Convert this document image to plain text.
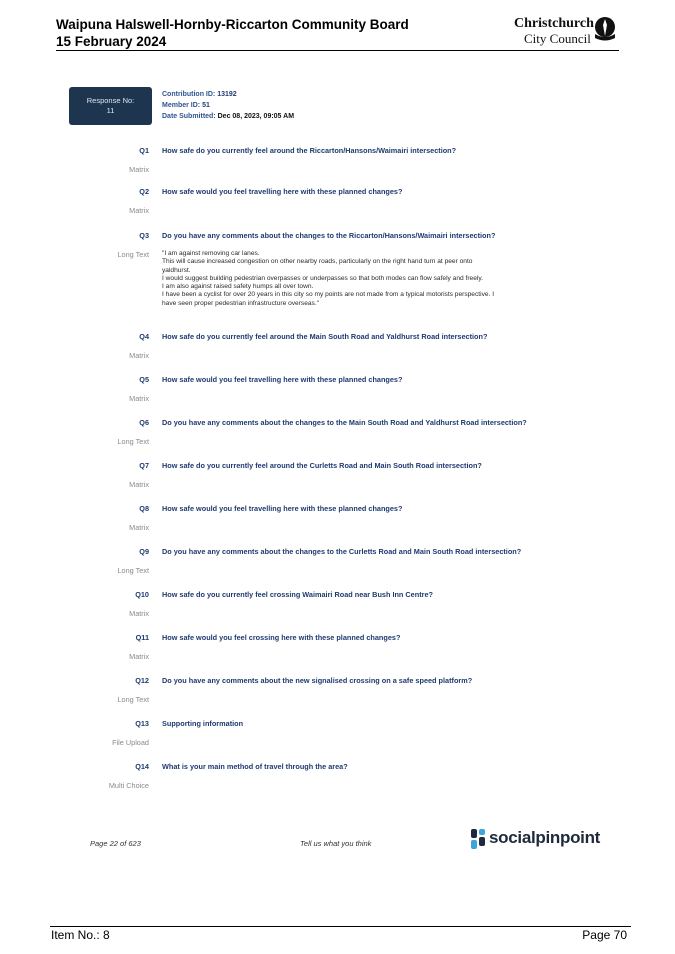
Waipuna Halswell-Hornby-Riccarton Community Board
15 February 2024
Christchurch
City Council
Response No:
11
Contribution ID: 13192
Member ID: 51
Date Submitted: Dec 08, 2023, 09:05 AM
Q1 How safe do you currently feel around the Riccarton/Hansons/Waimairi intersection?
Matrix
Q2 How safe would you feel travelling here with these planned changes?
Matrix
Q3 Do you have any comments about the changes to the Riccarton/Hansons/Waimairi intersection?
Long Text
Q4 How safe do you currently feel around the Main South Road and Yaldhurst Road intersection?
Matrix
Q5 How safe would you feel travelling here with these planned changes?
Matrix
Q6 Do you have any comments about the changes to the Main South Road and Yaldhurst Road intersection?
Long Text
Q7 How safe do you currently feel around the Curletts Road and Main South Road intersection?
Matrix
Q8 How safe would you feel travelling here with these planned changes?
Matrix
Q9 Do you have any comments about the changes to the Curletts Road and Main South Road intersection?
Long Text
Q10 How safe do you currently feel crossing Waimairi Road near Bush Inn Centre?
Matrix
Q11 How safe would you feel crossing here with these planned changes?
Matrix
Q12 Do you have any comments about the new signalised crossing on a safe speed platform?
Long Text
Q13 Supporting information
File Upload
Q14 What is your main method of travel through the area?
Multi Choice
"I am against removing car lanes.
This will cause increased congestion on other nearby roads, particularly on the right hand turn at peer onto
yaldhurst.
I would suggest building pedestrian overpasses or underpasses so that both modes can flow safely and freely.
I am also against raised safety humps all over town.
I have been a cyclist for over 20 years in this city so my points are not made from a typical motorists perspective. I
have seen proper pedestrian infrastructure overseas."
Page 22 of 623	Tell us what you think	socialpinpoint
Item No.: 8	Page 70
